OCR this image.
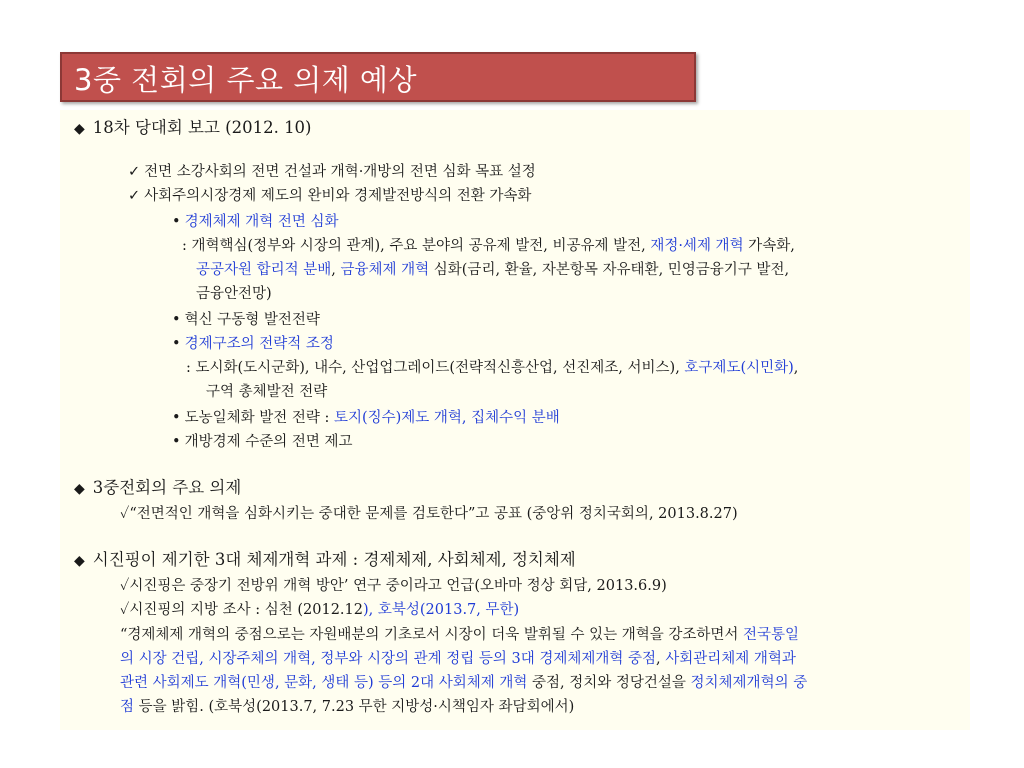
3중 전회의 주요 의제 예상
◆ 18차 당대회 보고 (2012. 10)
✓ 전면 소강사회의 전면 건설과 개혁·개방의 전면 심화 목표 설정
✓ 사회주의시장경제 제도의 완비와 경제발전방식의 전환 가속화
• 경제체제 개혁 전면 심화
: 개혁핵심(정부와 시장의 관계), 주요 분야의 공유제 발전, 비공유제 발전, 재정·세제 개혁 가속화,
공공자원 합리적 분배, 금융체제 개혁 심화(금리, 환율, 자본항목 자유태환, 민영금융기구 발전,
금융안전망)
• 혁신 구동형 발전전략
• 경제구조의 전략적 조정
: 도시화(도시군화), 내수, 산업업그레이드(전략적신흥산업, 선진제조, 서비스), 호구제도(시민화),
구역 총체발전 전략
• 도농일체화 발전 전략 : 토지(징수)제도 개혁, 집체수익 분배
• 개방경제 수준의 전면 제고
◆ 3중전회의 주요 의제
✓“전면적인 개혁을 심화시키는 중대한 문제를 검토한다”고 공표 (중앙위 정치국회의, 2013.8.27)
◆ 시진핑이 제기한 3대 체제개혁 과제 : 경제체제, 사회체제, 정치체제
✓시진핑은 중장기 전방위 개혁 방안’ 연구 중이라고 언급(오바마 정상 회담, 2013.6.9)
✓시진핑의 지방 조사 : 심천 (2012.12), 호북성(2013.7, 무한)
“경제체제 개혁의 중점으로는 자원배분의 기초로서 시장이 더욱 발휘될 수 있는 개혁을 강조하면서 전국통일
의 시장 건립, 시장주체의 개혁, 정부와 시장의 관계 정립 등의 3대 경제체제개혁 중점, 사회관리체제 개혁과
관련 사회제도 개혁(민생, 문화, 생태 등) 등의 2대 사회체제 개혁 중점, 정치와 정당건설을 정치체제개혁의 중
점 등을 밝힘. (호북성(2013.7, 7.23 무한 지방성·시책임자 좌담회에서)
